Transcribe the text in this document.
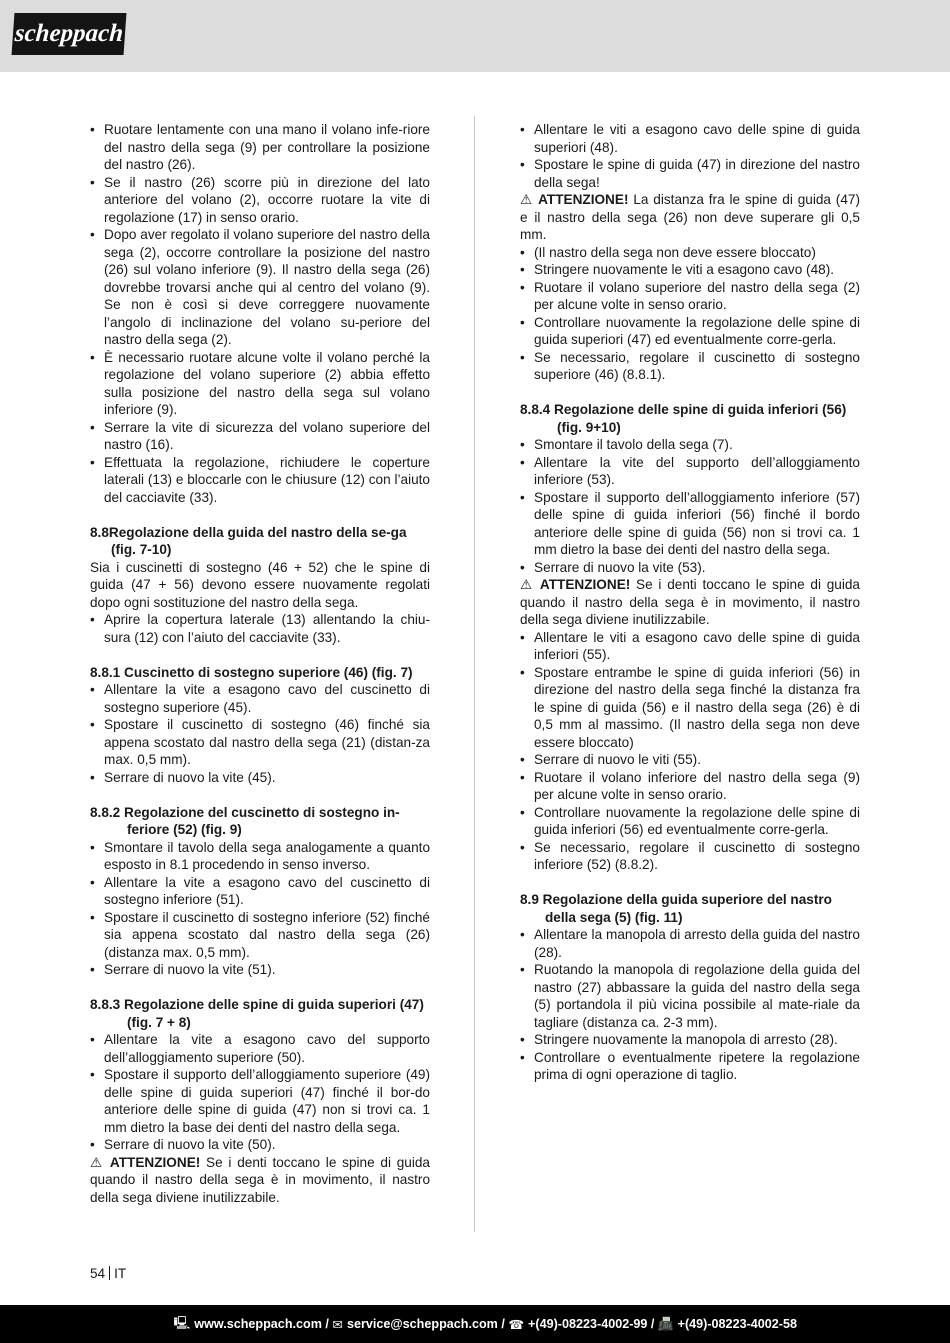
scheppach
• Ruotare lentamente con una mano il volano infe-riore del nastro della sega (9) per controllare la posizione del nastro (26).
• Se il nastro (26) scorre più in direzione del lato anteriore del volano (2), occorre ruotare la vite di regolazione (17) in senso orario.
• Dopo aver regolato il volano superiore del nastro della sega (2), occorre controllare la posizione del nastro (26) sul volano inferiore (9). Il nastro della sega (26) dovrebbe trovarsi anche qui al centro del volano (9). Se non è così si deve correggere nuovamente l’angolo di inclinazione del volano su-periore del nastro della sega (2).
• È necessario ruotare alcune volte il volano perché la regolazione del volano superiore (2) abbia effetto sulla posizione del nastro della sega sul volano inferiore (9).
• Serrare la vite di sicurezza del volano superiore del nastro (16).
• Effettuata la regolazione, richiudere le coperture laterali (13) e bloccarle con le chiusure (12) con l’aiuto del cacciavite (33).
8.8Regolazione della guida del nastro della se-ga (fig. 7-10)
Sia i cuscinetti di sostegno (46 + 52) che le spine di guida (47 + 56) devono essere nuovamente regolati dopo ogni sostituzione del nastro della sega.
• Aprire la copertura laterale (13) allentando la chiu-sura (12) con l’aiuto del cacciavite (33).
8.8.1 Cuscinetto di sostegno superiore (46) (fig. 7)
• Allentare la vite a esagono cavo del cuscinetto di sostegno superiore (45).
• Spostare il cuscinetto di sostegno (46) finché sia appena scostato dal nastro della sega (21) (distan-za max. 0,5 mm).
• Serrare di nuovo la vite (45).
8.8.2 Regolazione del cuscinetto di sostegno in-feriore (52) (fig. 9)
• Smontare il tavolo della sega analogamente a quanto esposto in 8.1 procedendo in senso inverso.
• Allentare la vite a esagono cavo del cuscinetto di sostegno inferiore (51).
• Spostare il cuscinetto di sostegno inferiore (52) finché sia appena scostato dal nastro della sega (26) (distanza max. 0,5 mm).
• Serrare di nuovo la vite (51).
8.8.3 Regolazione delle spine di guida superiori (47) (fig. 7 + 8)
• Allentare la vite a esagono cavo del supporto dell’alloggiamento superiore (50).
• Spostare il supporto dell’alloggiamento superiore (49) delle spine di guida superiori (47) finché il bor-do anteriore delle spine di guida (47) non si trovi ca. 1 mm dietro la base dei denti del nastro della sega.
• Serrare di nuovo la vite (50).
⚠ ATTENZIONE! Se i denti toccano le spine di guida quando il nastro della sega è in movimento, il nastro della sega diviene inutilizzabile.
• Allentare le viti a esagono cavo delle spine di guida superiori (48).
• Spostare le spine di guida (47) in direzione del nastro della sega!
⚠ ATTENZIONE! La distanza fra le spine di guida (47) e il nastro della sega (26) non deve superare gli 0,5 mm.
• (Il nastro della sega non deve essere bloccato)
• Stringere nuovamente le viti a esagono cavo (48).
• Ruotare il volano superiore del nastro della sega (2) per alcune volte in senso orario.
• Controllare nuovamente la regolazione delle spine di guida superiori (47) ed eventualmente corre-gerla.
• Se necessario, regolare il cuscinetto di sostegno superiore (46) (8.8.1).
8.8.4 Regolazione delle spine di guida inferiori (56) (fig. 9+10)
• Smontare il tavolo della sega (7).
• Allentare la vite del supporto dell’alloggiamento inferiore (53).
• Spostare il supporto dell’alloggiamento inferiore (57) delle spine di guida inferiori (56) finché il bordo anteriore delle spine di guida (56) non si trovi ca. 1 mm dietro la base dei denti del nastro della sega.
• Serrare di nuovo la vite (53).
⚠ ATTENZIONE! Se i denti toccano le spine di guida quando il nastro della sega è in movimento, il nastro della sega diviene inutilizzabile.
• Allentare le viti a esagono cavo delle spine di guida inferiori (55).
• Spostare entrambe le spine di guida inferiori (56) in direzione del nastro della sega finché la distanza fra le spine di guida (56) e il nastro della sega (26) è di 0,5 mm al massimo. (Il nastro della sega non deve essere bloccato)
• Serrare di nuovo le viti (55).
• Ruotare il volano inferiore del nastro della sega (9) per alcune volte in senso orario.
• Controllare nuovamente la regolazione delle spine di guida inferiori (56) ed eventualmente corre-gerla.
• Se necessario, regolare il cuscinetto di sostegno inferiore (52) (8.8.2).
8.9 Regolazione della guida superiore del nastro della sega (5) (fig. 11)
• Allentare la manopola di arresto della guida del nastro (28).
• Ruotando la manopola di regolazione della guida del nastro (27) abbassare la guida del nastro della sega (5) portandola il più vicina possibile al mate-riale da tagliare (distanza ca. 2-3 mm).
• Stringere nuovamente la manopola di arresto (28).
• Controllare o eventualmente ripetere la regolazione prima di ogni operazione di taglio.
54 IT
🖳 www.scheppach.com /
✉ service@scheppach.com /
☎ +(49)-08223-4002-99 /
📠 +(49)-08223-4002-58
